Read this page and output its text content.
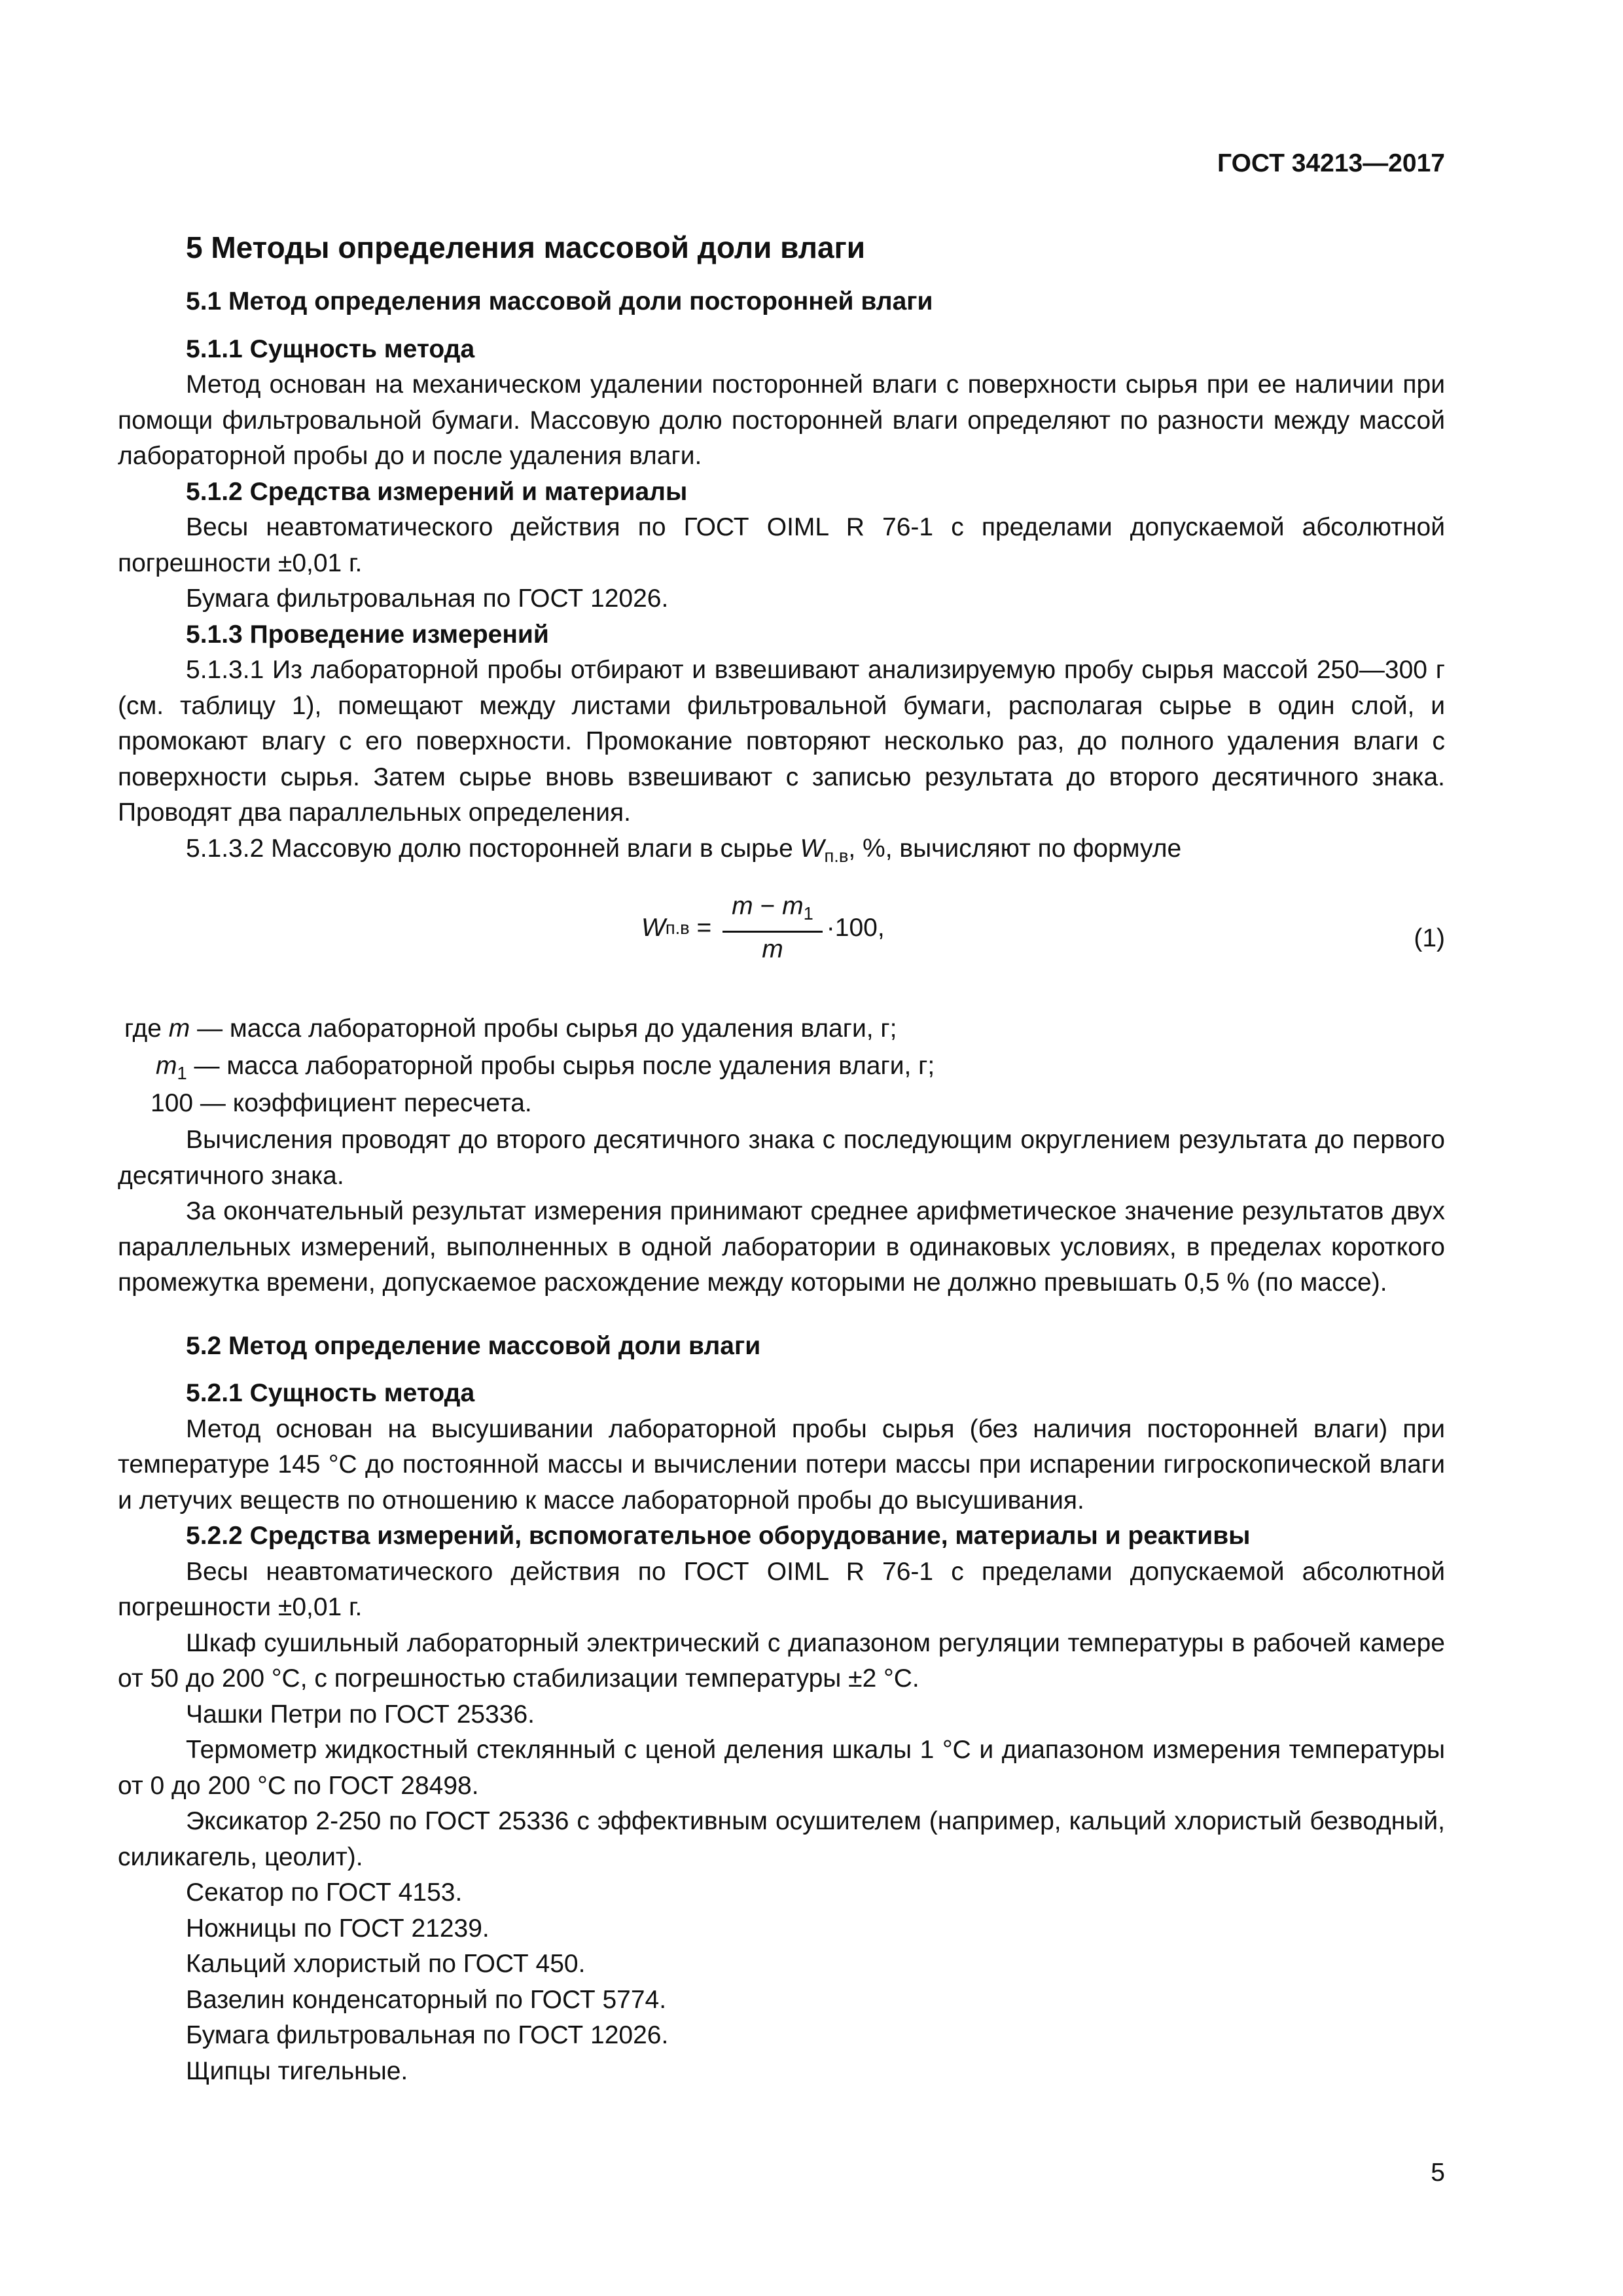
ГОСТ 34213—2017
5 Методы определения массовой доли влаги
5.1 Метод определения массовой доли посторонней влаги
5.1.1 Сущность метода

Метод основан на механическом удалении посторонней влаги с поверхности сырья при ее наличии при помощи фильтровальной бумаги. Массовую долю посторонней влаги определяют по разности между массой лабораторной пробы до и после удаления влаги.

5.1.2 Средства измерений и материалы

Весы неавтоматического действия по ГОСТ OIML R 76-1 с пределами допускаемой абсолютной погрешности ±0,01 г.

Бумага фильтровальная по ГОСТ 12026.

5.1.3 Проведение измерений

5.1.3.1 Из лабораторной пробы отбирают и взвешивают анализируемую пробу сырья массой 250—300 г (см. таблицу 1), помещают между листами фильтровальной бумаги, располагая сырье в один слой, и промокают влагу с его поверхности. Промокание повторяют несколько раз, до полного удаления влаги с поверхности сырья. Затем сырье вновь взвешивают с записью результата до второго десятичного знака. Проводят два параллельных определения.

5.1.3.2 Массовую долю посторонней влаги в сырье $W_{п.в}$, %, вычисляют по формуле

W $п.в = \frac{m - m_1}{m} \cdot 100$,	(1)
где m — масса лабораторной пробы сырья до удаления влаги, г;
$m_1$ — масса лабораторной пробы сырья после удаления влаги, г;
100 — коэффициент пересчета.

Вычисления проводят до второго десятичного знака с последующим округлением результата до первого десятичного знака.

За окончательный результат измерения принимают среднее арифметическое значение результатов двух параллельных измерений, выполненных в одной лаборатории в одинаковых условиях, в пределах короткого промежутка времени, допускаемое расхождение между которыми не должно превышать 0,5 % (по массе).

5.2 Метод определение массовой доли влаги
5.2.1 Сущность метода

Метод основан на высушивании лабораторной пробы сырья (без наличия посторонней влаги) при температуре 145 °С до постоянной массы и вычислении потери массы при испарении гигроскопической влаги и летучих веществ по отношению к массе лабораторной пробы до высушивания.

5.2.2 Средства измерений, вспомогательное оборудование, материалы и реактивы

Весы неавтоматического действия по ГОСТ OIML R 76-1 с пределами допускаемой абсолютной погрешности ±0,01 г.

Шкаф сушильный лабораторный электрический с диапазоном регуляции температуры в рабочей камере от 50 до 200 °С, с погрешностью стабилизации температуры ±2 °С.

Чашки Петри по ГОСТ 25336.

Термометр жидкостный стеклянный с ценой деления шкалы 1 °С и диапазоном измерения температуры от 0 до 200 °С по ГОСТ 28498.

Эксикатор 2-250 по ГОСТ 25336 с эффективным осушителем (например, кальций хлористый безводный, силикагель, цеолит).

Секатор по ГОСТ 4153.

Ножницы по ГОСТ 21239.

Кальций хлористый по ГОСТ 450.

Вазелин конденсаторный по ГОСТ 5774.

Бумага фильтровальная по ГОСТ 12026.

Щипцы тигельные.

5
